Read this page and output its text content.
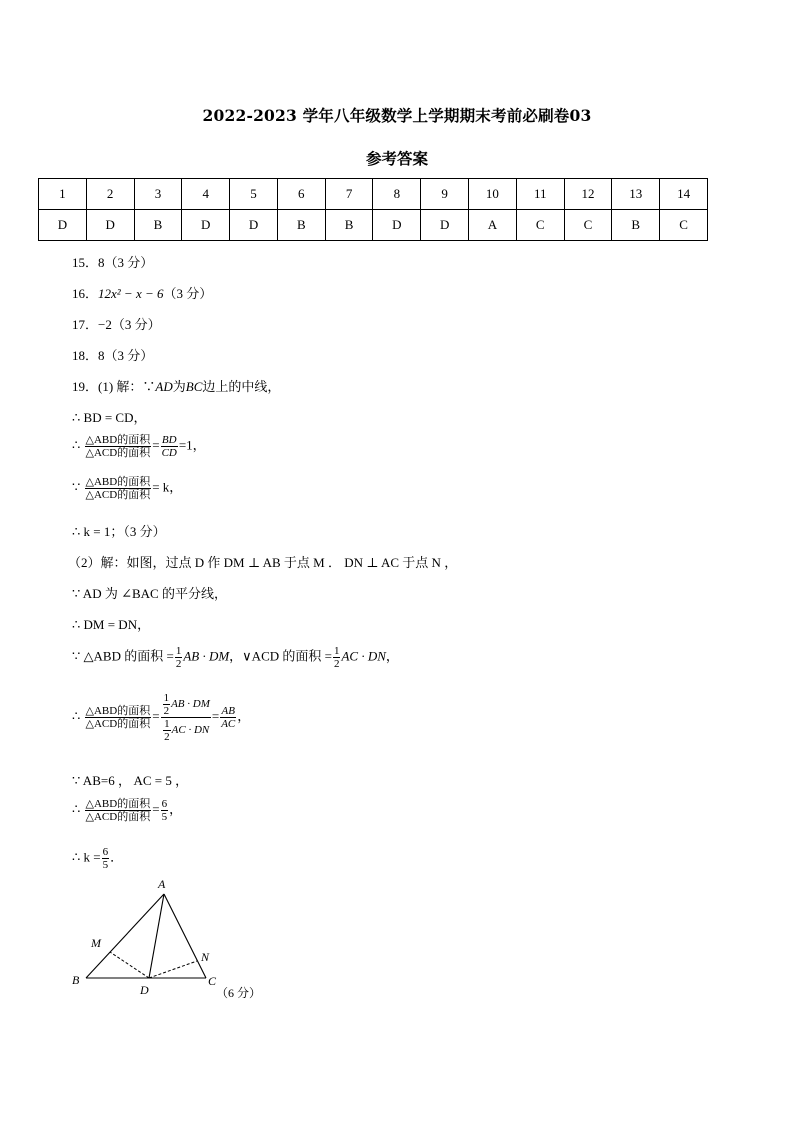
2022-2023 学年八年级数学上学期期末考前必刷卷03
参考答案
1	2	3	4	5	6	7	8	9	10	11	12	13	14
D	D	B	D	D	B	B	D	D	A	C	C	B	C
15．8（3 分）
16．12x² − x − 6（3 分）
17．−2（3 分）
18．8（3 分）
19．(1) 解：∵AD为BC边上的中线，
∴ BD = CD，
∴ $\frac{\text{△ABD的面积}}{\text{△ACD的面积}} = \frac{BD}{CD} =1$，
∵ $\frac{\text{△ABD的面积}}{\text{△ACD的面积}} = k$，
∴ k = 1；（3 分）
（2）解：如图，过点 D 作 DM ⊥ AB 于点 M ． DN ⊥ AC 于点 N ，
∵ AD 为 ∠BAC 的平分线，
∴ DM = DN，
∵ △ABD 的面积 = $\frac{1}{2}$ AB · DM，∨ACD 的面积 = $\frac{1}{2}$ AC · DN，
∴ $\frac{\text{△ABD的面积}}{\text{△ACD的面积}} = \frac{\frac{1}{2} AB \cdot DM}{\frac{1}{2} AC \cdot DN} = \frac{AB}{AC}$ ，
∵ AB=6 ， AC = 5 ，
∴ $\frac{\text{△ABD的面积}}{\text{△ACD的面积}} = \frac{6}{5}$ ，
∴ $k = \frac{6}{5}$ ．
A
B	C
D
M
N
（6 分）
